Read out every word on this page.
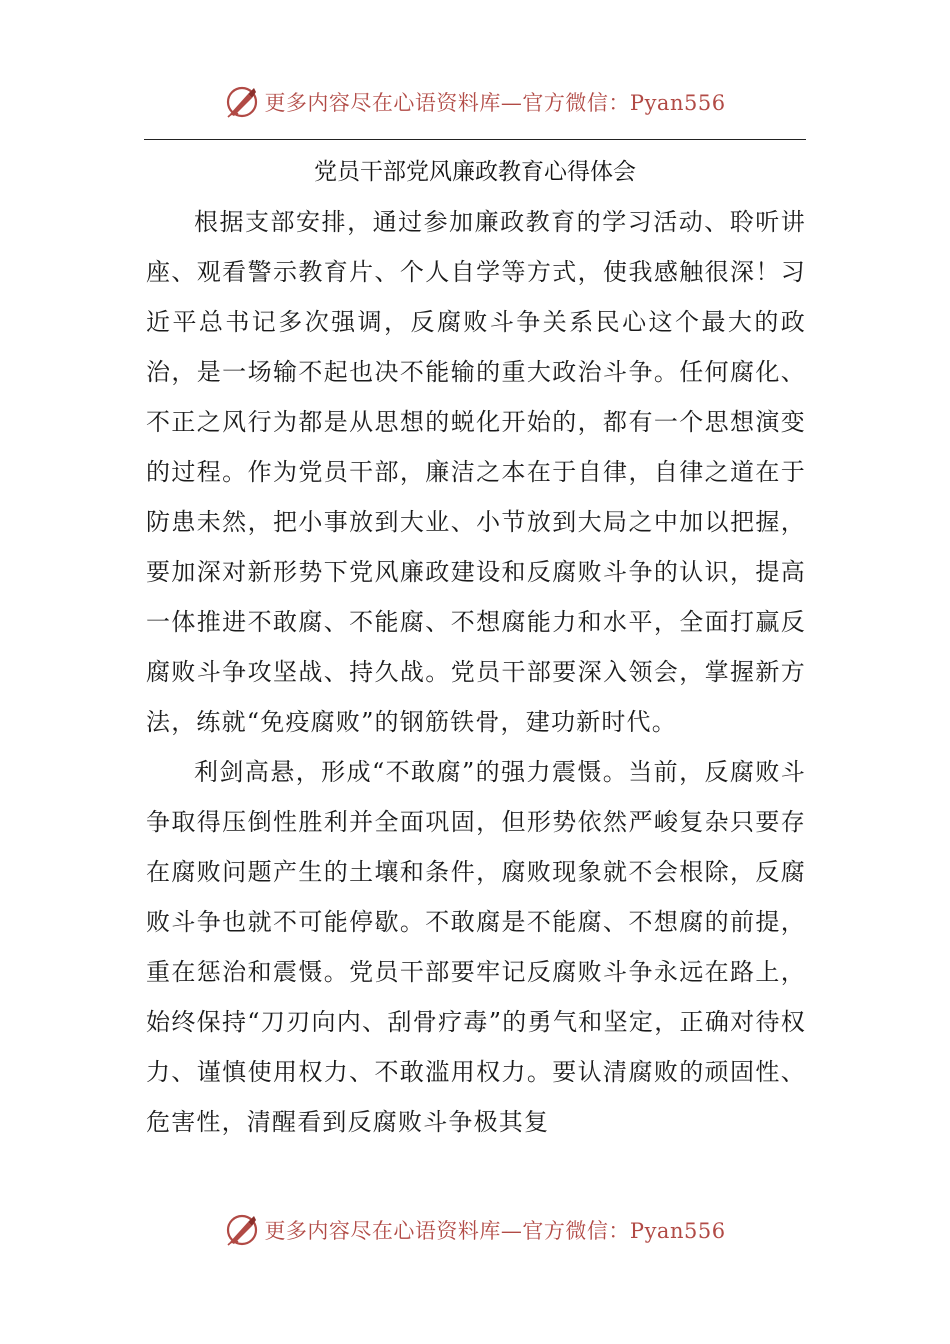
更多内容尽在心语资料库—官方微信：Pyan556
党员干部党风廉政教育心得体会

根据支部安排，通过参加廉政教育的学习活动、聆听讲座、观看警示教育片、个人自学等方式，使我感触很深！习近平总书记多次强调，反腐败斗争关系民心这个最大的政治，是一场输不起也决不能输的重大政治斗争。任何腐化、不正之风行为都是从思想的蜕化开始的，都有一个思想演变的过程。作为党员干部，廉洁之本在于自律，自律之道在于防患未然，把小事放到大业、小节放到大局之中加以把握，要加深对新形势下党风廉政建设和反腐败斗争的认识，提高一体推进不敢腐、不能腐、不想腐能力和水平，全面打赢反腐败斗争攻坚战、持久战。党员干部要深入领会，掌握新方法，练就“免疫腐败”的钢筋铁骨，建功新时代。

利剑高悬，形成“不敢腐”的强力震慑。当前，反腐败斗争取得压倒性胜利并全面巩固，但形势依然严峻复杂只要存在腐败问题产生的土壤和条件，腐败现象就不会根除，反腐败斗争也就不可能停歇。不敢腐是不能腐、不想腐的前提，重在惩治和震慑。党员干部要牢记反腐败斗争永远在路上，始终保持“刀刃向内、刮骨疗毒”的勇气和坚定，正确对待权力、谨慎使用权力、不敢滥用权力。要认清腐败的顽固性、危害性，清醒看到反腐败斗争极其复

更多内容尽在心语资料库—官方微信：Pyan556
